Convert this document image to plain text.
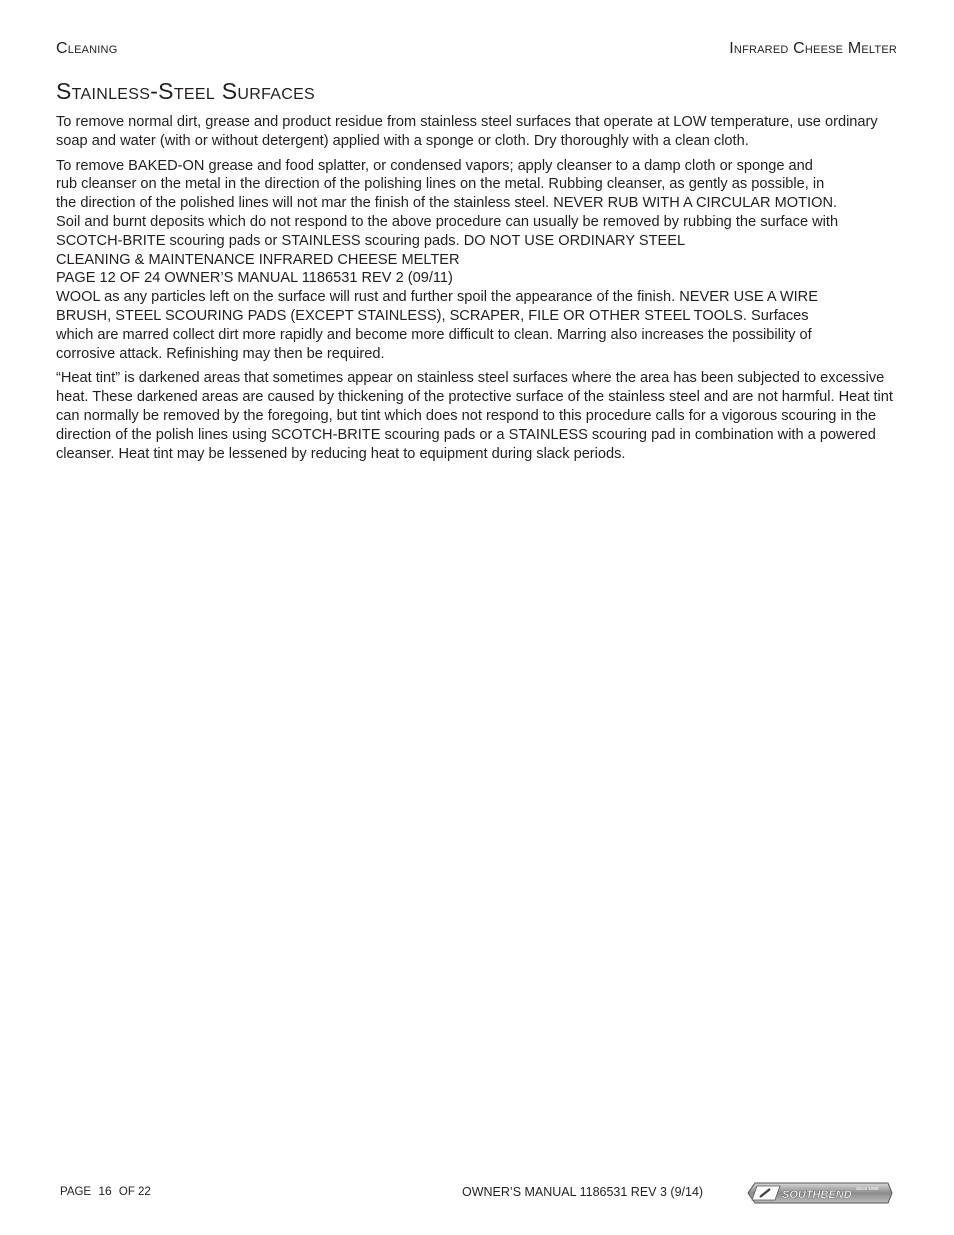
Cleaning	Infrared Cheese Melter
Stainless-Steel Surfaces

To remove normal dirt, grease and product residue from stainless steel surfaces that operate at LOW temperature, use ordinary soap and water (with or without detergent) applied with a sponge or cloth. Dry thoroughly with a clean cloth.

To remove BAKED-ON grease and food splatter, or condensed vapors; apply cleanser to a damp cloth or sponge and
rub cleanser on the metal in the direction of the polishing lines on the metal. Rubbing cleanser, as gently as possible, in
the direction of the polished lines will not mar the finish of the stainless steel. NEVER RUB WITH A CIRCULAR MOTION.
Soil and burnt deposits which do not respond to the above procedure can usually be removed by rubbing the surface with
SCOTCH-BRITE scouring pads or STAINLESS scouring pads. DO NOT USE ORDINARY STEEL
CLEANING & MAINTENANCE INFRARED CHEESE MELTER
PAGE 12 OF 24 OWNER’S MANUAL 1186531 REV 2 (09/11)
WOOL as any particles left on the surface will rust and further spoil the appearance of the finish. NEVER USE A WIRE
BRUSH, STEEL SCOURING PADS (EXCEPT STAINLESS), SCRAPER, FILE OR OTHER STEEL TOOLS. Surfaces
which are marred collect dirt more rapidly and become more difficult to clean. Marring also increases the possibility of
corrosive attack. Refinishing may then be required.

“Heat tint” is darkened areas that sometimes appear on stainless steel surfaces where the area has been subjected to excessive heat. These darkened areas are caused by thickening of the protective surface of the stainless steel and are not harmful. Heat tint can normally be removed by the foregoing, but tint which does not respond to this procedure calls for a vigorous scouring in the direction of the polish lines using SCOTCH-BRITE scouring pads or a STAINLESS scouring pad in combination with a powered cleanser. Heat tint may be lessened by reducing heat to equipment during slack periods.

PAGE 16 OF 22	OWNER’S MANUAL 1186531 REV 3 (9/14)	Since 1898
SOUTHBEND
